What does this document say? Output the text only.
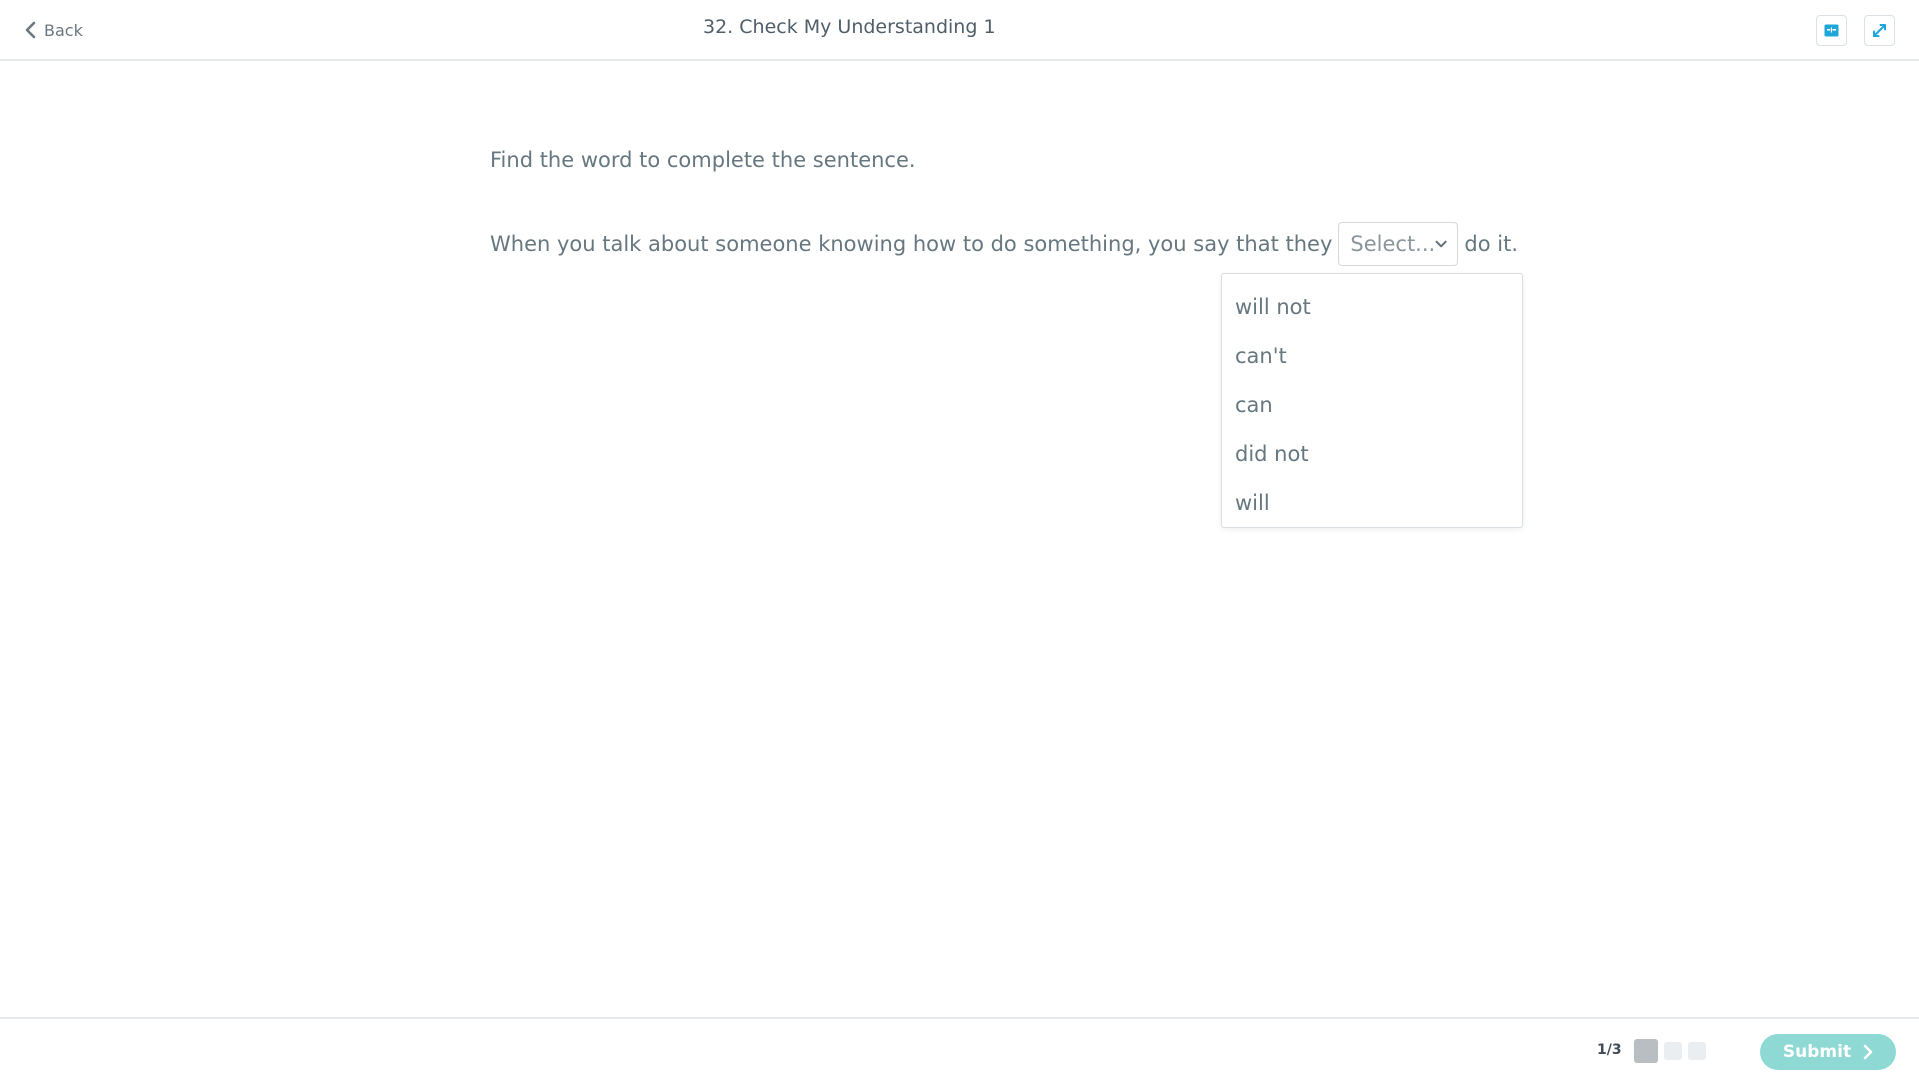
Back	32. Check My Understanding 1
Find the word to complete the sentence.
When you talk about someone knowing how to do something, you say that they Select... do it.
will not
can't
can
did not
will
1/3	Submit
